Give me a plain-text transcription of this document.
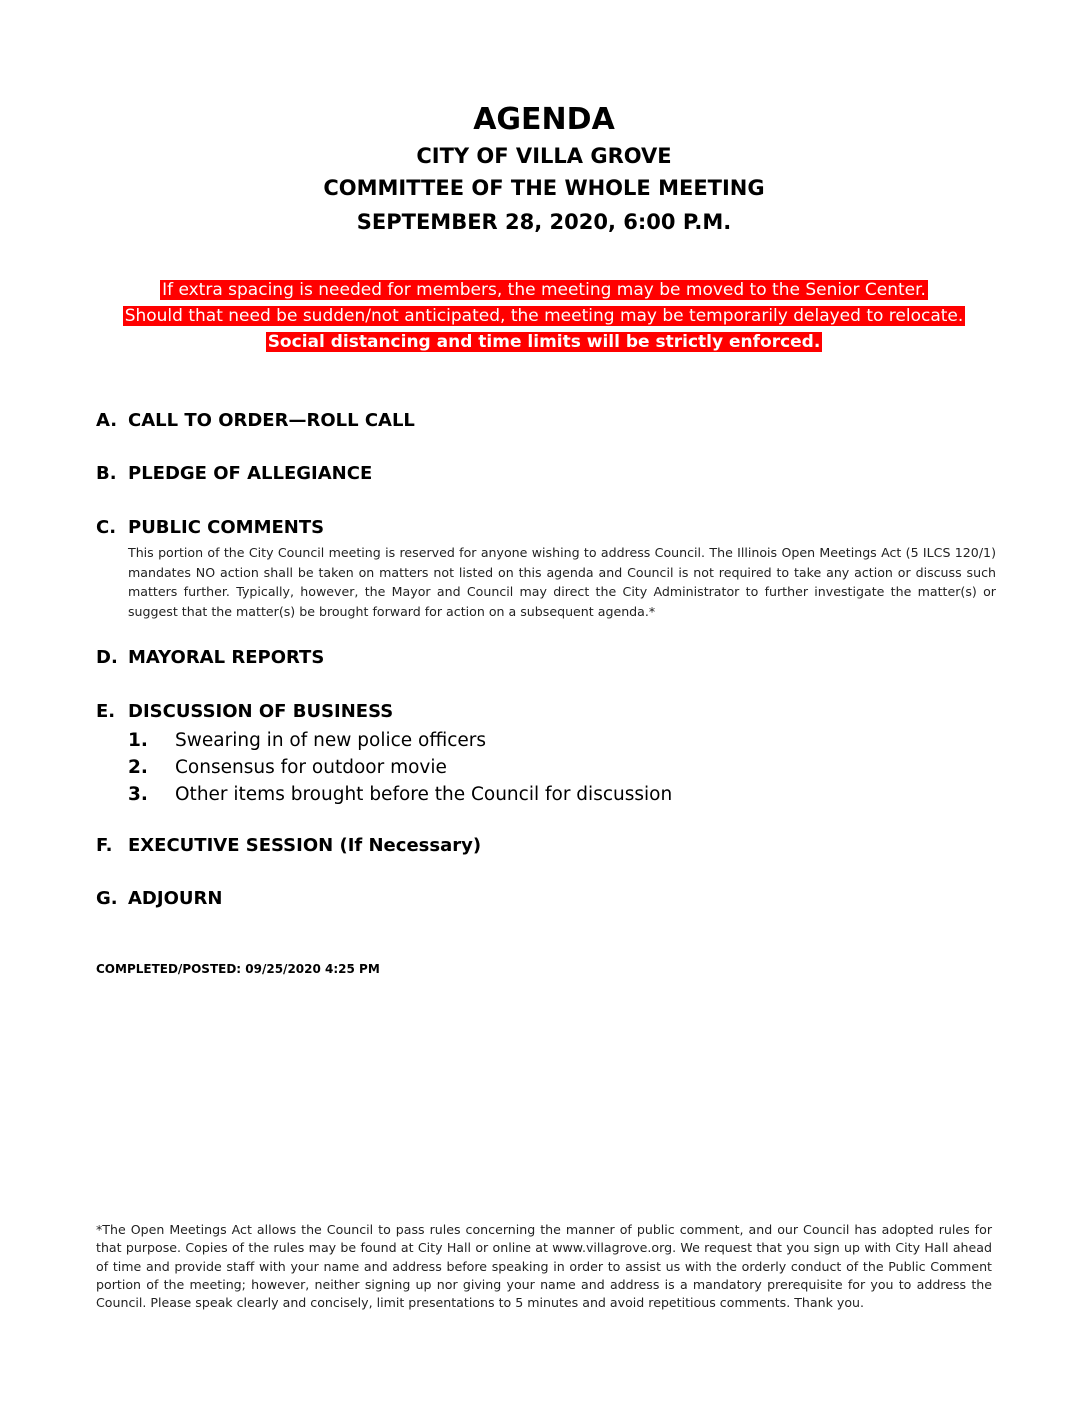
AGENDA

CITY OF VILLA GROVE

COMMITTEE OF THE WHOLE MEETING

SEPTEMBER 28, 2020, 6:00 P.M.

If extra spacing is needed for members, the meeting may be moved to the Senior Center.

Should that need be sudden/not anticipated, the meeting may be temporarily delayed to relocate.

Social distancing and time limits will be strictly enforced.

A. CALL TO ORDER—ROLL CALL
B. PLEDGE OF ALLEGIANCE
C. PUBLIC COMMENTS
This portion of the City Council meeting is reserved for anyone wishing to address Council. The Illinois Open Meetings Act (5 ILCS 120/1) mandates NO action shall be taken on matters not listed on this agenda and Council is not required to take any action or discuss such matters further. Typically, however, the Mayor and Council may direct the City Administrator to further investigate the matter(s) or suggest that the matter(s) be brought forward for action on a subsequent agenda.*
D. MAYORAL REPORTS
E. DISCUSSION OF BUSINESS
1. Swearing in of new police officers
2. Consensus for outdoor movie
3. Other items brought before the Council for discussion
F. EXECUTIVE SESSION (If Necessary)
G. ADJOURN
COMPLETED/POSTED: 09/25/2020 4:25 PM
*The Open Meetings Act allows the Council to pass rules concerning the manner of public comment, and our Council has adopted rules for that purpose. Copies of the rules may be found at City Hall or online at www.villagrove.org. We request that you sign up with City Hall ahead of time and provide staff with your name and address before speaking in order to assist us with the orderly conduct of the Public Comment portion of the meeting; however, neither signing up nor giving your name and address is a mandatory prerequisite for you to address the Council. Please speak clearly and concisely, limit presentations to 5 minutes and avoid repetitious comments. Thank you.
